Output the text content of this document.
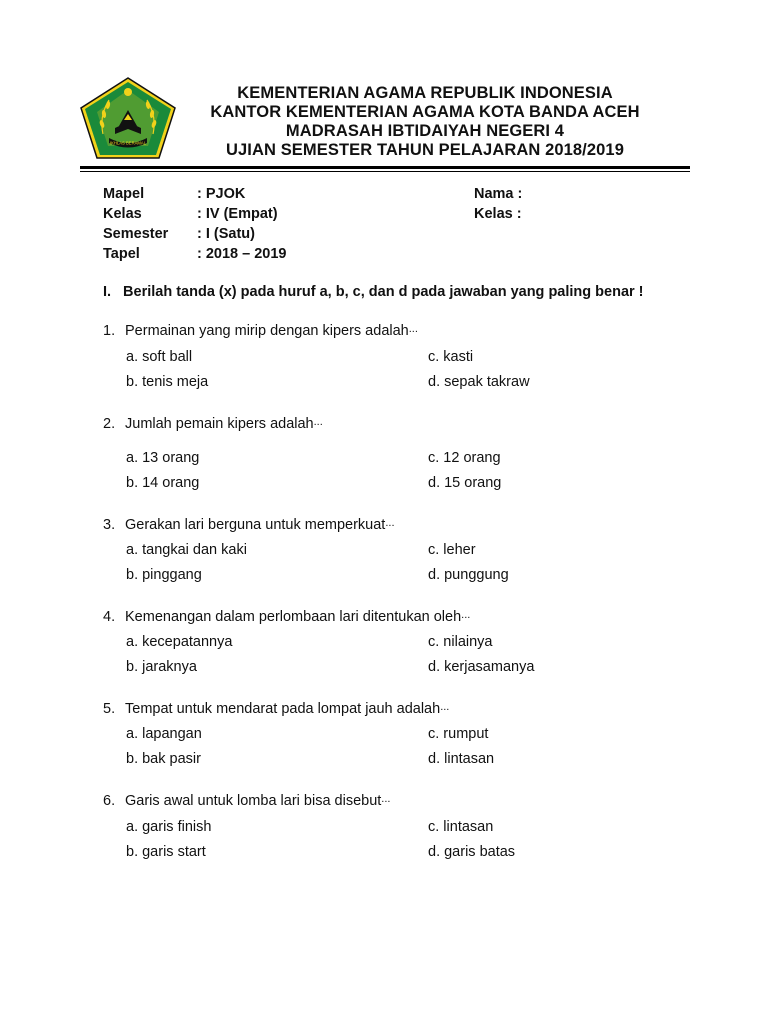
IKHLAS BERAMAL
KEMENTERIAN AGAMA REPUBLIK INDONESIA
KANTOR KEMENTERIAN AGAMA KOTA BANDA ACEH
MADRASAH IBTIDAIYAH NEGERI 4
UJIAN SEMESTER TAHUN PELAJARAN 2018/2019
Mapel	: PJOK
Kelas	: IV (Empat)
Semester	: I (Satu)
Tapel	: 2018 – 2019
Nama :
Kelas :
I. Berilah tanda (x) pada huruf a, b, c, dan d pada jawaban yang paling benar !
1. Permainan yang mirip dengan kipers adalah ...
a. soft ball
b. tenis meja
c. kasti
d. sepak takraw
2. Jumlah pemain kipers adalah ...
a. 13 orang
b. 14 orang
c. 12 orang
d. 15 orang
3. Gerakan lari berguna untuk memperkuat ...
a. tangkai dan kaki
b. pinggang
c. leher
d. punggung
4. Kemenangan dalam perlombaan lari ditentukan oleh ...
a. kecepatannya
b. jaraknya
c. nilainya
d. kerjasamanya
5. Tempat untuk mendarat pada lompat jauh adalah ...
a. lapangan
b. bak pasir
c. rumput
d. lintasan
6. Garis awal untuk lomba lari bisa disebut ...
a. garis finish
b. garis start
c. lintasan
d. garis batas
